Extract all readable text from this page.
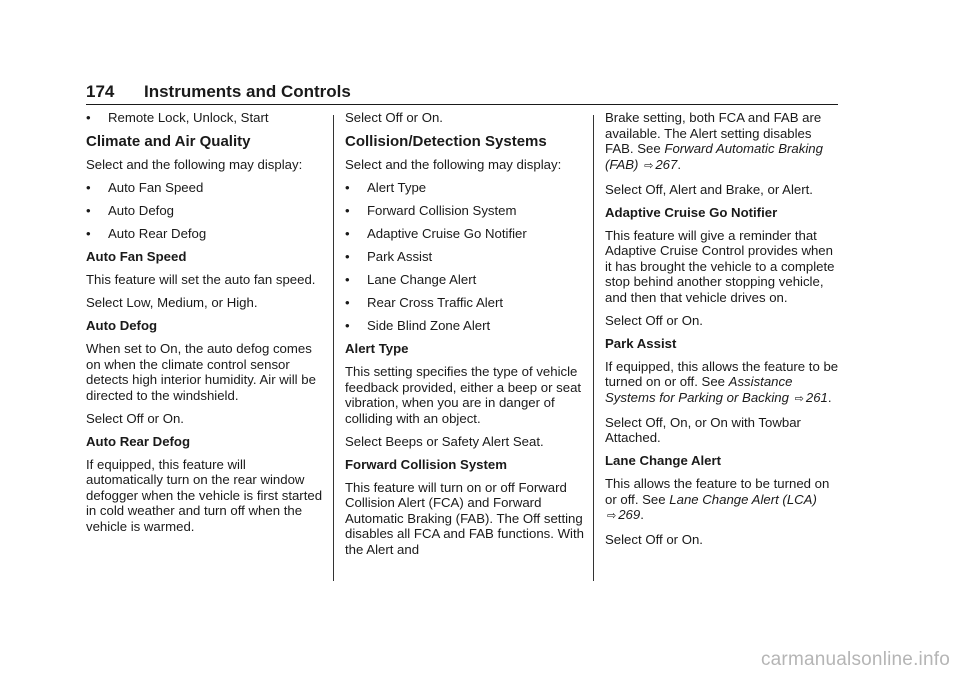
174 Instruments and Controls
•	Remote Lock, Unlock, Start
Climate and Air Quality
Select and the following may display:
•	Auto Fan Speed
•	Auto Defog
•	Auto Rear Defog
Auto Fan Speed
This feature will set the auto fan speed.
Select Low, Medium, or High.
Auto Defog
When set to On, the auto defog comes on when the climate control sensor detects high interior humidity. Air will be directed to the windshield.
Select Off or On.
Auto Rear Defog
If equipped, this feature will automatically turn on the rear window defogger when the vehicle is first started in cold weather and turn off when the vehicle is warmed.
Select Off or On.
Collision/Detection Systems
Select and the following may display:
•	Alert Type
•	Forward Collision System
•	Adaptive Cruise Go Notifier
•	Park Assist
•	Lane Change Alert
•	Rear Cross Traffic Alert
•	Side Blind Zone Alert
Alert Type
This setting specifies the type of vehicle feedback provided, either a beep or seat vibration, when you are in danger of colliding with an object.
Select Beeps or Safety Alert Seat.
Forward Collision System
This feature will turn on or off Forward Collision Alert (FCA) and Forward Automatic Braking (FAB). The Off setting disables all FCA and FAB functions. With the Alert and
Brake setting, both FCA and FAB are available. The Alert setting disables FAB. See Forward Automatic Braking (FAB) ⇨ 267.
Select Off, Alert and Brake, or Alert.
Adaptive Cruise Go Notifier
This feature will give a reminder that Adaptive Cruise Control provides when it has brought the vehicle to a complete stop behind another stopping vehicle, and then that vehicle drives on.
Select Off or On.
Park Assist
If equipped, this allows the feature to be turned on or off. See Assistance Systems for Parking or Backing ⇨ 261.
Select Off, On, or On with Towbar Attached.
Lane Change Alert
This allows the feature to be turned on or off. See Lane Change Alert (LCA) ⇨ 269.
Select Off or On.
carmanualsonline.info
